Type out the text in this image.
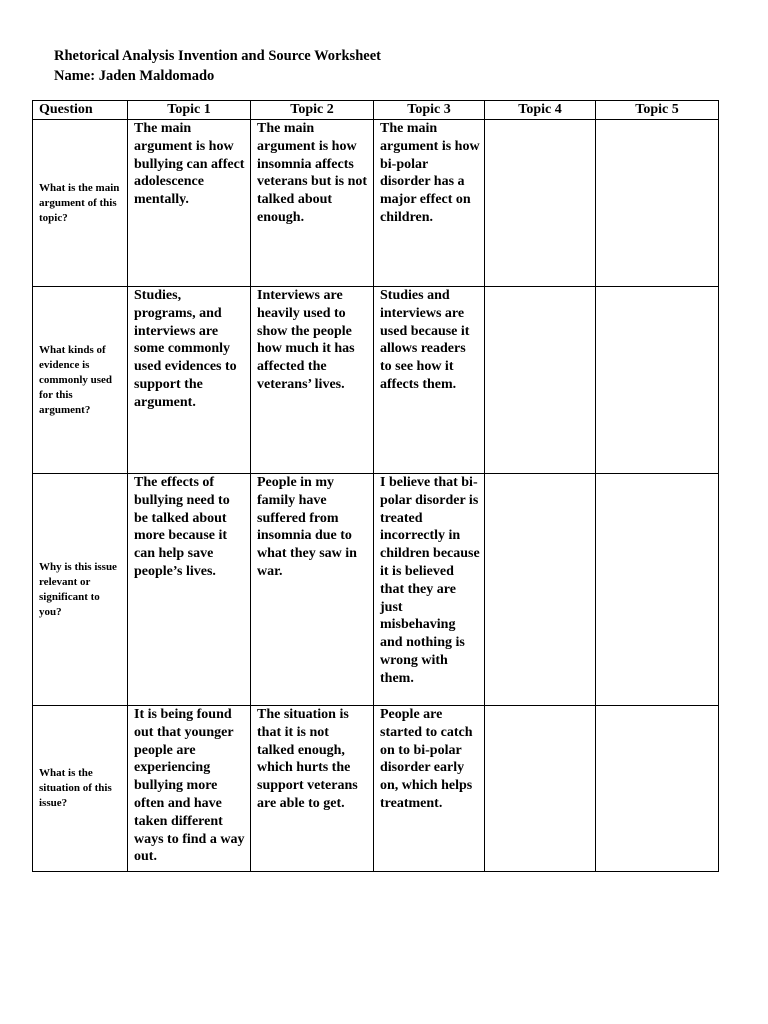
Rhetorical Analysis Invention and Source Worksheet
Name: Jaden Maldomado
Question	Topic 1	Topic 2	Topic 3	Topic 4	Topic 5
What is the main argument of this topic?	The main argument is how bullying can affect adolescence mentally.	The main argument is how insomnia affects veterans but is not talked about enough.	The main argument is how bi-polar disorder has a major effect on children.		
What kinds of evidence is commonly used for this argument?	Studies, programs, and interviews are some commonly used evidences to support the argument.	Interviews are heavily used to show the people how much it has affected the veterans’ lives.	Studies and interviews are used because it allows readers to see how it affects them.		
Why is this issue relevant or significant to you?	The effects of bullying need to be talked about more because it can help save people’s lives.	People in my family have suffered from insomnia due to what they saw in war.	I believe that bi-polar disorder is treated incorrectly in children because it is believed that they are just misbehaving and nothing is wrong with them.		
What is the situation of this issue?	It is being found out that younger people are experiencing bullying more often and have taken different ways to find a way out.	The situation is that it is not talked enough, which hurts the support veterans are able to get.	People are started to catch on to bi-polar disorder early on, which helps treatment.		
